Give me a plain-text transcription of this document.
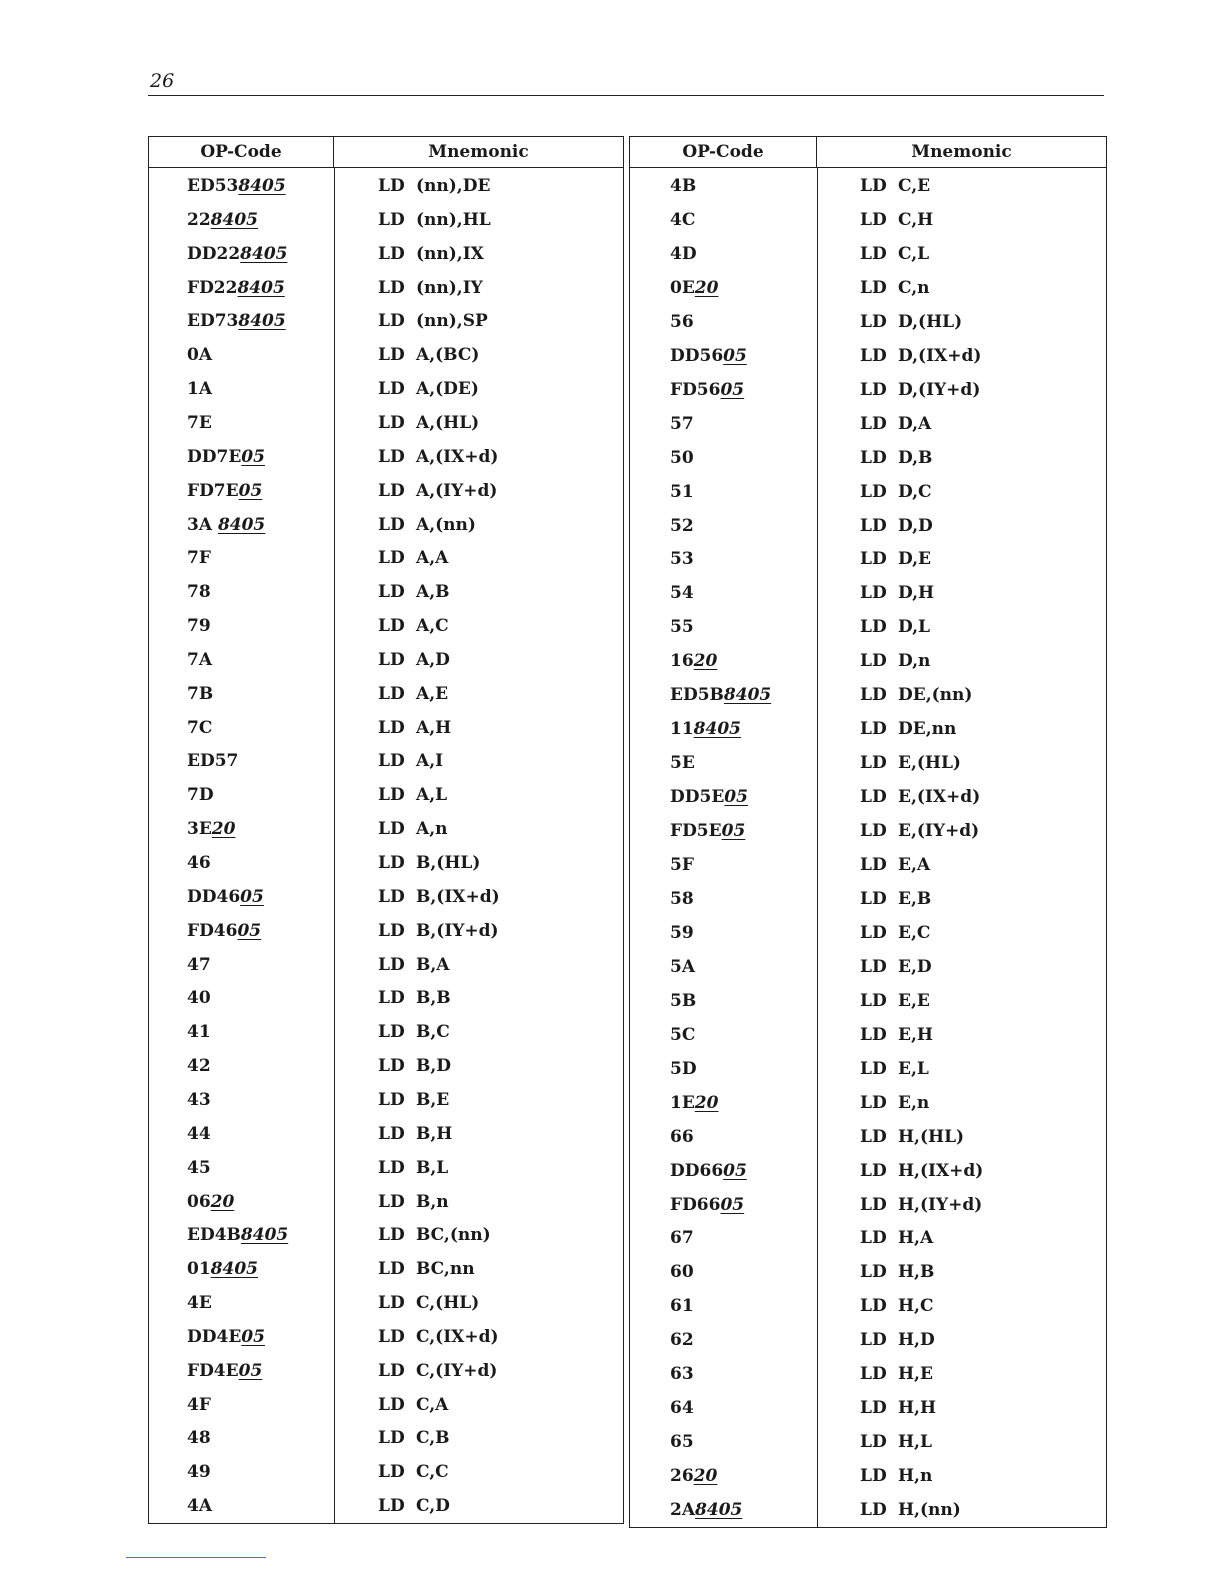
26
OP-Code	Mnemonic
ED538405	LD (nn),DE
228405	LD (nn),HL
DD228405	LD (nn),IX
FD228405	LD (nn),IY
ED738405	LD (nn),SP
0A	LD A,(BC)
1A	LD A,(DE)
7E	LD A,(HL)
DD7E05	LD A,(IX+d)
FD7E05	LD A,(IY+d)
3A 8405	LD A,(nn)
7F	LD A,A
78	LD A,B
79	LD A,C
7A	LD A,D
7B	LD A,E
7C	LD A,H
ED57	LD A,I
7D	LD A,L
3E20	LD A,n
46	LD B,(HL)
DD4605	LD B,(IX+d)
FD4605	LD B,(IY+d)
47	LD B,A
40	LD B,B
41	LD B,C
42	LD B,D
43	LD B,E
44	LD B,H
45	LD B,L
0620	LD B,n
ED4B8405	LD BC,(nn)
018405	LD BC,nn
4E	LD C,(HL)
DD4E05	LD C,(IX+d)
FD4E05	LD C,(IY+d)
4F	LD C,A
48	LD C,B
49	LD C,C
4A	LD C,D
OP-Code	Mnemonic
4B	LD C,E
4C	LD C,H
4D	LD C,L
0E20	LD C,n
56	LD D,(HL)
DD5605	LD D,(IX+d)
FD5605	LD D,(IY+d)
57	LD D,A
50	LD D,B
51	LD D,C
52	LD D,D
53	LD D,E
54	LD D,H
55	LD D,L
1620	LD D,n
ED5B8405	LD DE,(nn)
118405	LD DE,nn
5E	LD E,(HL)
DD5E05	LD E,(IX+d)
FD5E05	LD E,(IY+d)
5F	LD E,A
58	LD E,B
59	LD E,C
5A	LD E,D
5B	LD E,E
5C	LD E,H
5D	LD E,L
1E20	LD E,n
66	LD H,(HL)
DD6605	LD H,(IX+d)
FD6605	LD H,(IY+d)
67	LD H,A
60	LD H,B
61	LD H,C
62	LD H,D
63	LD H,E
64	LD H,H
65	LD H,L
2620	LD H,n
2A8405	LD H,(nn)
